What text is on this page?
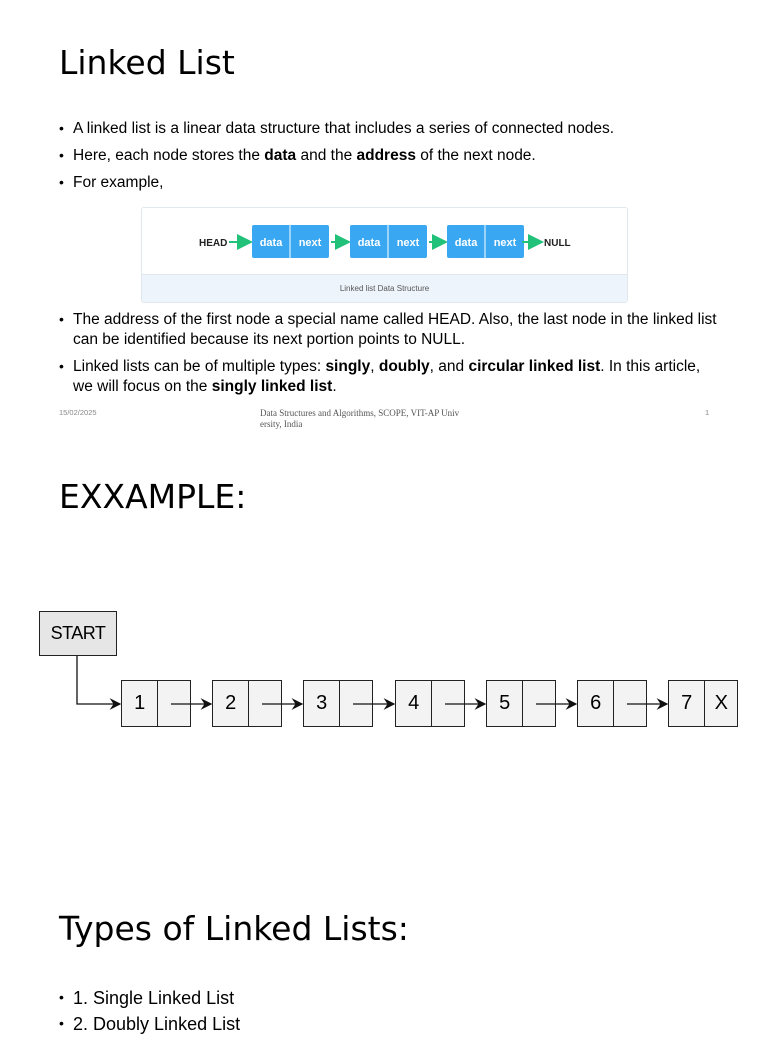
Linked List
• A linked list is a linear data structure that includes a series of connected nodes.
• Here, each node stores the data and the address of the next node.
• For example,
HEAD	data next	data next	data next	NULL
Linked list Data Structure
• The address of the first node a special name called HEAD. Also, the last node in the linked list can be identified because its next portion points to NULL.
• Linked lists can be of multiple types: singly, doubly, and circular linked list. In this article, we will focus on the singly linked list.
15/02/2025	Data Structures and Algorithms, SCOPE, VIT-AP Univ
ersity, India
1
EXXAMPLE:
START
1	2	3	4	5	6	7	X
Types of Linked Lists:
• 1. Single Linked List
• 2. Doubly Linked List
